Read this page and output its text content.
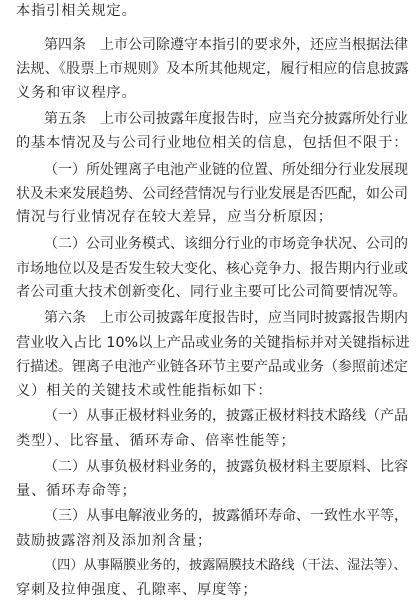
本指引相关规定。
第四条　上市公司除遵守本指引的要求外，还应当根据法律
法规、《股票上市规则》及本所其他规定，履行相应的信息披露
义务和审议程序。
第五条　上市公司披露年度报告时，应当充分披露所处行业
的基本情况及与公司行业地位相关的信息，包括但不限于：
（一）所处锂离子电池产业链的位置、所处细分行业发展现
状及未来发展趋势、公司经营情况与行业发展是否匹配，如公司
情况与行业情况存在较大差异，应当分析原因；
（二）公司业务模式、该细分行业的市场竞争状况、公司的
市场地位以及是否发生较大变化、核心竞争力、报告期内行业或
者公司重大技术创新变化、同行业主要可比公司简要情况等。
第六条　上市公司披露年度报告时，应当同时披露报告期内
营业收入占比 10%以上产品或业务的关键指标并对关键指标进
行描述。锂离子电池产业链各环节主要产品或业务（参照前述定
义）相关的关键技术或性能指标如下：
（一）从事正极材料业务的，披露正极材料技术路线（产品
类型）、比容量、循环寿命、倍率性能等；
（二）从事负极材料业务的，披露负极材料主要原料、比容
量、循环寿命等；
（三）从事电解液业务的，披露循环寿命、一致性水平等，
鼓励披露溶剂及添加剂含量；
（四）从事隔膜业务的，披露隔膜技术路线（干法、湿法等）、
穿刺及拉伸强度、孔隙率、厚度等；
